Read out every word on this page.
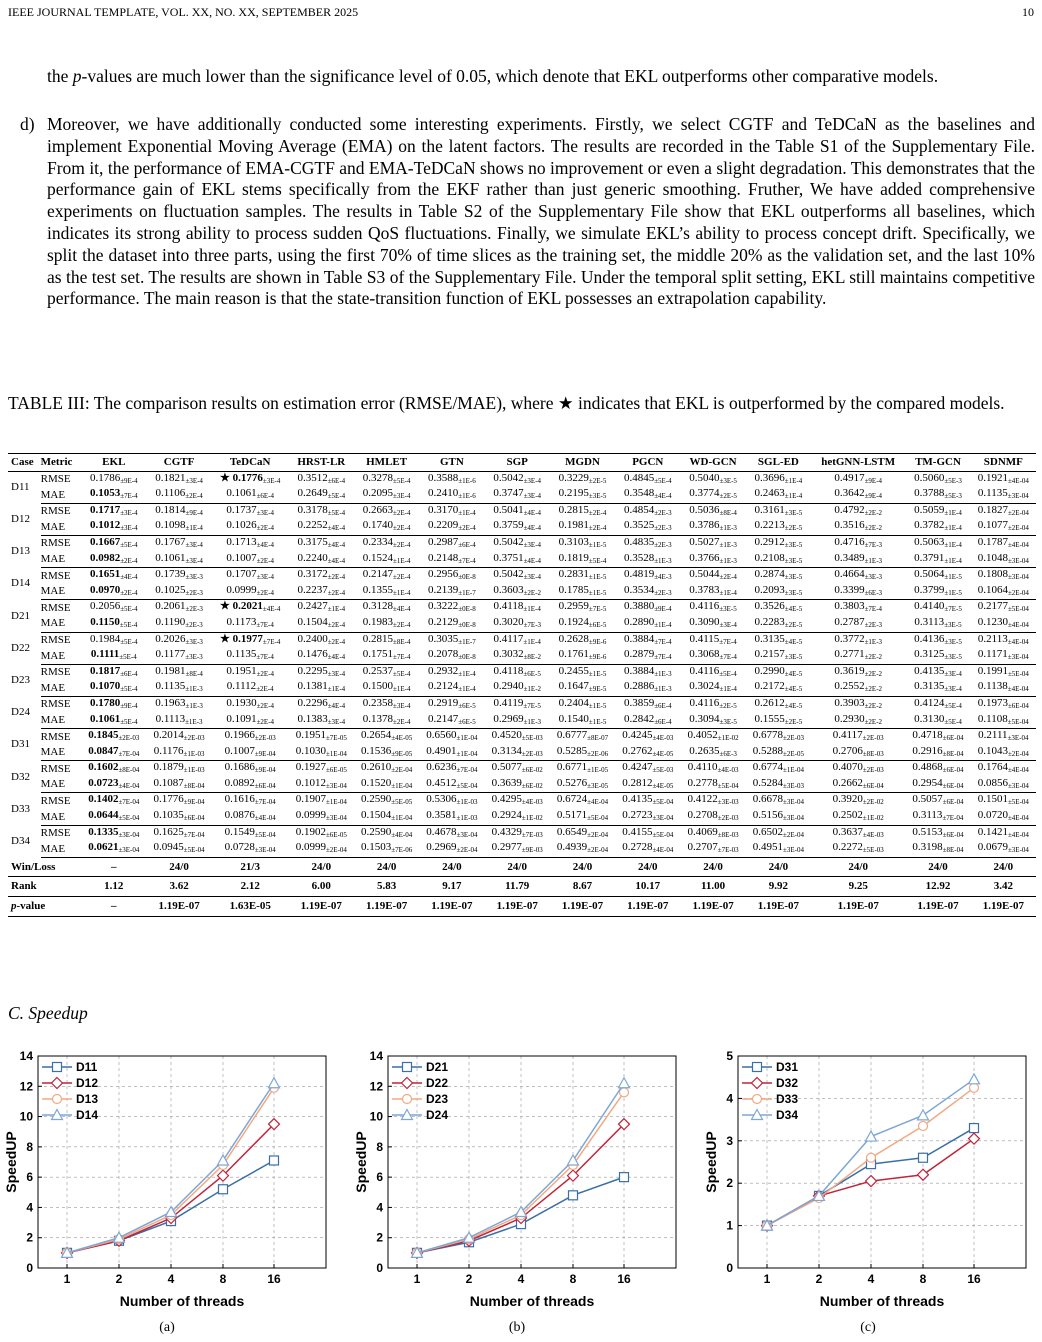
IEEE JOURNAL TEMPLATE, VOL. XX, NO. XX, SEPTEMBER 2025	10
the p-values are much lower than the significance level of 0.05, which denote that EKL outperforms other comparative models.
d) Moreover, we have additionally conducted some interesting experiments. Firstly, we select CGTF and TeDCaN as the baselines and implement Exponential Moving Average (EMA) on the latent factors. The results are recorded in the Table S1 of the Supplementary File. From it, the performance of EMA-CGTF and EMA-TeDCaN shows no improvement or even a slight degradation. This demonstrates that the performance gain of EKL stems specifically from the EKF rather than just generic smoothing. Fruther, We have added comprehensive experiments on fluctuation samples. The results in Table S2 of the Supplementary File show that EKL outperforms all baselines, which indicates its strong ability to process sudden QoS fluctuations. Finally, we simulate EKL’s ability to process concept drift. Specifically, we split the dataset into three parts, using the first 70% of time slices as the training set, the middle 20% as the validation set, and the last 10% as the test set. The results are shown in Table S3 of the Supplementary File. Under the temporal split setting, EKL still maintains competitive performance. The main reason is that the state-transition function of EKL possesses an extrapolation capability.
TABLE III: The comparison results on estimation error (RMSE/MAE), where ★ indicates that EKL is outperformed by the compared models.
Case	Metric	EKL	CGTF	TeDCaN	HRST-LR	HMLET	GTN	SGP	MGDN	PGCN	WD-GCN	SGL-ED	hetGNN-LSTM	TM-GCN	SDNMF
D11	RMSE	$0.1786_{\pm 9E-4}$	$0.1821_{\pm 3E-4}$	★ $0.1776_{\pm 3E-4}$	$0.3512_{\pm 6E-4}$	$0.3278_{\pm 5E-4}$	$0.3588_{\pm 1E-6}$	$0.5042_{\pm 3E-4}$	$0.3229_{\pm 2E-5}$	$0.4845_{\pm 5E-4}$	$0.5040_{\pm 3E-5}$	$0.3696_{\pm 1E-4}$	$0.4917_{\pm 9E-4}$	$0.5060_{\pm 5E-3}$	$0.1921_{\pm 4E-04}$
	MAE	$0.1053_{\pm 7E-4}$	$0.1106_{\pm 2E-4}$	$0.1061_{\pm 6E-4}$	$0.2649_{\pm 5E-4}$	$0.2095_{\pm 3E-4}$	$0.2410_{\pm 1E-6}$	$0.3747_{\pm 3E-4}$	$0.2195_{\pm 3E-5}$	$0.3548_{\pm 4E-4}$	$0.3774_{\pm 2E-5}$	$0.2463_{\pm 1E-4}$	$0.3642_{\pm 9E-4}$	$0.3788_{\pm 5E-3}$	$0.1135_{\pm 3E-04}$
D12	RMSE	$0.1717_{\pm 3E-4}$	$0.1814_{\pm 9E-4}$	$0.1737_{\pm 3E-4}$	$0.3178_{\pm 5E-4}$	$0.2663_{\pm 2E-4}$	$0.3170_{\pm 1E-4}$	$0.5041_{\pm 4E-4}$	$0.2815_{\pm 2E-4}$	$0.4854_{\pm 2E-3}$	$0.5036_{\pm 8E-4}$	$0.3161_{\pm 3E-5}$	$0.4792_{\pm 2E-2}$	$0.5059_{\pm 1E-4}$	$0.1827_{\pm 2E-04}$
	MAE	$0.1012_{\pm 3E-4}$	$0.1098_{\pm 1E-4}$	$0.1026_{\pm 2E-4}$	$0.2252_{\pm 4E-4}$	$0.1740_{\pm 2E-4}$	$0.2209_{\pm 2E-4}$	$0.3759_{\pm 4E-4}$	$0.1981_{\pm 2E-4}$	$0.3525_{\pm 2E-3}$	$0.3786_{\pm 1E-3}$	$0.2213_{\pm 2E-5}$	$0.3516_{\pm 2E-2}$	$0.3782_{\pm 1E-4}$	$0.1077_{\pm 2E-04}$
D13	RMSE	$0.1667_{\pm 5E-4}$	$0.1767_{\pm 3E-4}$	$0.1713_{\pm 4E-4}$	$0.3175_{\pm 4E-4}$	$0.2334_{\pm 2E-4}$	$0.2987_{\pm 6E-4}$	$0.5042_{\pm 3E-4}$	$0.3103_{\pm 1E-5}$	$0.4835_{\pm 2E-3}$	$0.5027_{\pm 1E-3}$	$0.2912_{\pm 3E-5}$	$0.4716_{\pm 7E-3}$	$0.5063_{\pm 1E-4}$	$0.1787_{\pm 4E-04}$
	MAE	$0.0982_{\pm 2E-4}$	$0.1061_{\pm 3E-4}$	$0.1007_{\pm 2E-4}$	$0.2240_{\pm 4E-4}$	$0.1524_{\pm 1E-4}$	$0.2148_{\pm 7E-4}$	$0.3751_{\pm 4E-4}$	$0.1819_{\pm 5E-4}$	$0.3528_{\pm 1E-3}$	$0.3766_{\pm 1E-3}$	$0.2108_{\pm 3E-5}$	$0.3489_{\pm 1E-3}$	$0.3791_{\pm 1E-4}$	$0.1048_{\pm 3E-04}$
D14	RMSE	$0.1651_{\pm 4E-4}$	$0.1739_{\pm 3E-3}$	$0.1707_{\pm 3E-4}$	$0.3172_{\pm 2E-4}$	$0.2147_{\pm 2E-4}$	$0.2956_{\pm 0E-8}$	$0.5042_{\pm 3E-4}$	$0.2831_{\pm 1E-5}$	$0.4819_{\pm 4E-3}$	$0.5044_{\pm 2E-4}$	$0.2874_{\pm 3E-5}$	$0.4664_{\pm 3E-3}$	$0.5064_{\pm 1E-5}$	$0.1808_{\pm 3E-04}$
	MAE	$0.0970_{\pm 2E-4}$	$0.1025_{\pm 2E-3}$	$0.0999_{\pm 2E-4}$	$0.2237_{\pm 2E-4}$	$0.1355_{\pm 1E-4}$	$0.2139_{\pm 1E-7}$	$0.3603_{\pm 2E-2}$	$0.1785_{\pm 1E-5}$	$0.3534_{\pm 2E-3}$	$0.3783_{\pm 1E-4}$	$0.2093_{\pm 3E-5}$	$0.3399_{\pm 6E-3}$	$0.3799_{\pm 1E-5}$	$0.1064_{\pm 2E-04}$
D21	RMSE	$0.2056_{\pm 5E-4}$	$0.2061_{\pm 2E-3}$	★ $0.2021_{\pm 4E-4}$	$0.2427_{\pm 1E-4}$	$0.3128_{\pm 4E-4}$	$0.3222_{\pm 0E-8}$	$0.4118_{\pm 1E-4}$	$0.2959_{\pm 7E-5}$	$0.3880_{\pm 9E-4}$	$0.4116_{\pm 3E-5}$	$0.3526_{\pm 4E-5}$	$0.3803_{\pm 7E-4}$	$0.4140_{\pm 7E-5}$	$0.2177_{\pm 5E-04}$
	MAE	$0.1150_{\pm 5E-4}$	$0.1190_{\pm 2E-3}$	$0.1173_{\pm 7E-4}$	$0.1504_{\pm 2E-4}$	$0.1983_{\pm 2E-4}$	$0.2129_{\pm 0E-8}$	$0.3020_{\pm 7E-3}$	$0.1924_{\pm 6E-5}$	$0.2890_{\pm 1E-4}$	$0.3090_{\pm 3E-4}$	$0.2283_{\pm 2E-5}$	$0.2787_{\pm 2E-3}$	$0.3113_{\pm 3E-5}$	$0.1230_{\pm 4E-04}$
D22	RMSE	$0.1984_{\pm 5E-4}$	$0.2026_{\pm 3E-3}$	★ $0.1977_{\pm 7E-4}$	$0.2400_{\pm 2E-4}$	$0.2815_{\pm 8E-4}$	$0.3035_{\pm 1E-7}$	$0.4117_{\pm 1E-4}$	$0.2628_{\pm 9E-6}$	$0.3884_{\pm 7E-4}$	$0.4115_{\pm 7E-4}$	$0.3135_{\pm 4E-5}$	$0.3772_{\pm 1E-3}$	$0.4136_{\pm 3E-5}$	$0.2113_{\pm 4E-04}$
	MAE	$0.1111_{\pm 5E-4}$	$0.1177_{\pm 3E-3}$	$0.1135_{\pm 7E-4}$	$0.1476_{\pm 4E-4}$	$0.1751_{\pm 7E-4}$	$0.2078_{\pm 0E-8}$	$0.3032_{\pm 8E-2}$	$0.1761_{\pm 9E-6}$	$0.2879_{\pm 7E-4}$	$0.3068_{\pm 7E-4}$	$0.2157_{\pm 3E-5}$	$0.2771_{\pm 2E-2}$	$0.3125_{\pm 3E-5}$	$0.1171_{\pm 3E-04}$
D23	RMSE	$0.1817_{\pm 6E-4}$	$0.1981_{\pm 8E-4}$	$0.1951_{\pm 2E-4}$	$0.2295_{\pm 3E-4}$	$0.2537_{\pm 5E-4}$	$0.2932_{\pm 1E-4}$	$0.4118_{\pm 6E-5}$	$0.2455_{\pm 1E-5}$	$0.3884_{\pm 1E-3}$	$0.4116_{\pm 5E-4}$	$0.2990_{\pm 4E-5}$	$0.3619_{\pm 2E-2}$	$0.4135_{\pm 3E-4}$	$0.1991_{\pm 5E-04}$
	MAE	$0.1070_{\pm 5E-4}$	$0.1135_{\pm 1E-3}$	$0.1112_{\pm 2E-4}$	$0.1381_{\pm 1E-4}$	$0.1500_{\pm 1E-4}$	$0.2124_{\pm 1E-4}$	$0.2940_{\pm 1E-2}$	$0.1647_{\pm 9E-5}$	$0.2886_{\pm 1E-3}$	$0.3024_{\pm 1E-4}$	$0.2172_{\pm 4E-5}$	$0.2552_{\pm 2E-2}$	$0.3135_{\pm 3E-4}$	$0.1138_{\pm 4E-04}$
D24	RMSE	$0.1780_{\pm 9E-4}$	$0.1963_{\pm 1E-3}$	$0.1930_{\pm 2E-4}$	$0.2296_{\pm 4E-4}$	$0.2358_{\pm 3E-4}$	$0.2919_{\pm 6E-5}$	$0.4119_{\pm 7E-5}$	$0.2404_{\pm 1E-5}$	$0.3859_{\pm 6E-4}$	$0.4116_{\pm 2E-5}$	$0.2612_{\pm 4E-5}$	$0.3903_{\pm 2E-2}$	$0.4124_{\pm 5E-4}$	$0.1973_{\pm 6E-04}$
	MAE	$0.1061_{\pm 5E-4}$	$0.1113_{\pm 1E-3}$	$0.1091_{\pm 2E-4}$	$0.1383_{\pm 3E-4}$	$0.1378_{\pm 2E-4}$	$0.2147_{\pm 6E-5}$	$0.2969_{\pm 1E-3}$	$0.1540_{\pm 1E-5}$	$0.2842_{\pm 6E-4}$	$0.3094_{\pm 3E-5}$	$0.1555_{\pm 2E-5}$	$0.2930_{\pm 2E-2}$	$0.3130_{\pm 5E-4}$	$0.1108_{\pm 5E-04}$
D31	RMSE	$0.1845_{\pm 2E-03}$	$0.2014_{\pm 2E-03}$	$0.1966_{\pm 2E-03}$	$0.1951_{\pm 7E-05}$	$0.2654_{\pm 4E-05}$	$0.6560_{\pm 1E-04}$	$0.4520_{\pm 5E-03}$	$0.6777_{\pm 8E-07}$	$0.4245_{\pm 4E-03}$	$0.4052_{\pm 1E-02}$	$0.6778_{\pm 2E-03}$	$0.4117_{\pm 2E-03}$	$0.4718_{\pm 6E-04}$	$0.2111_{\pm 3E-04}$
	MAE	$0.0847_{\pm 7E-04}$	$0.1176_{\pm 1E-03}$	$0.1007_{\pm 9E-04}$	$0.1030_{\pm 1E-04}$	$0.1536_{\pm 9E-05}$	$0.4901_{\pm 1E-04}$	$0.3134_{\pm 2E-03}$	$0.5285_{\pm 2E-06}$	$0.2762_{\pm 4E-05}$	$0.2635_{\pm 6E-3}$	$0.5288_{\pm 2E-05}$	$0.2706_{\pm 8E-03}$	$0.2916_{\pm 8E-04}$	$0.1043_{\pm 2E-04}$
D32	RMSE	$0.1602_{\pm 8E-04}$	$0.1879_{\pm 1E-03}$	$0.1686_{\pm 9E-04}$	$0.1927_{\pm 6E-05}$	$0.2610_{\pm 2E-04}$	$0.6236_{\pm 7E-04}$	$0.5077_{\pm 6E-02}$	$0.6771_{\pm 1E-05}$	$0.4247_{\pm 5E-03}$	$0.4110_{\pm 4E-03}$	$0.6774_{\pm 1E-04}$	$0.4070_{\pm 2E-03}$	$0.4868_{\pm 6E-04}$	$0.1764_{\pm 4E-04}$
	MAE	$0.0723_{\pm 4E-04}$	$0.1087_{\pm 8E-04}$	$0.0892_{\pm 6E-04}$	$0.1012_{\pm 3E-04}$	$0.1520_{\pm 1E-04}$	$0.4512_{\pm 5E-04}$	$0.3639_{\pm 6E-02}$	$0.5276_{\pm 3E-05}$	$0.2812_{\pm 4E-05}$	$0.2778_{\pm 5E-04}$	$0.5284_{\pm 3E-03}$	$0.2662_{\pm 6E-04}$	$0.2954_{\pm 6E-04}$	$0.0856_{\pm 3E-04}$
D33	RMSE	$0.1402_{\pm 7E-04}$	$0.1776_{\pm 9E-04}$	$0.1616_{\pm 7E-04}$	$0.1907_{\pm 1E-04}$	$0.2590_{\pm 5E-05}$	$0.5306_{\pm 1E-03}$	$0.4295_{\pm 4E-03}$	$0.6724_{\pm 4E-04}$	$0.4135_{\pm 5E-04}$	$0.4122_{\pm 3E-03}$	$0.6678_{\pm 3E-04}$	$0.3920_{\pm 2E-02}$	$0.5057_{\pm 6E-04}$	$0.1501_{\pm 5E-04}$
	MAE	$0.0644_{\pm 5E-04}$	$0.1035_{\pm 6E-04}$	$0.0876_{\pm 4E-04}$	$0.0999_{\pm 3E-04}$	$0.1504_{\pm 1E-04}$	$0.3581_{\pm 1E-03}$	$0.2924_{\pm 1E-02}$	$0.5171_{\pm 5E-04}$	$0.2723_{\pm 3E-04}$	$0.2708_{\pm 2E-03}$	$0.5156_{\pm 3E-04}$	$0.2502_{\pm 1E-02}$	$0.3113_{\pm 7E-04}$	$0.0720_{\pm 4E-04}$
D34	RMSE	$0.1335_{\pm 3E-04}$	$0.1625_{\pm 7E-04}$	$0.1549_{\pm 5E-04}$	$0.1902_{\pm 6E-05}$	$0.2590_{\pm 4E-04}$	$0.4678_{\pm 3E-04}$	$0.4329_{\pm 7E-03}$	$0.6549_{\pm 2E-04}$	$0.4155_{\pm 5E-04}$	$0.4069_{\pm 8E-03}$	$0.6502_{\pm 2E-04}$	$0.3637_{\pm 4E-03}$	$0.5153_{\pm 6E-04}$	$0.1421_{\pm 4E-04}$
	MAE	$0.0621_{\pm 3E-04}$	$0.0945_{\pm 5E-04}$	$0.0728_{\pm 3E-04}$	$0.0999_{\pm 2E-04}$	$0.1503_{\pm 7E-06}$	$0.2969_{\pm 2E-04}$	$0.2977_{\pm 9E-03}$	$0.4939_{\pm 2E-04}$	$0.2728_{\pm 4E-04}$	$0.2707_{\pm 7E-03}$	$0.4951_{\pm 3E-04}$	$0.2272_{\pm 5E-03}$	$0.3198_{\pm 8E-04}$	$0.0679_{\pm 3E-04}$
Win/Loss		–	24/0	21/3	24/0	24/0	24/0	24/0	24/0	24/0	24/0	24/0	24/0	24/0	24/0
Rank		1.12	3.62	2.12	6.00	5.83	9.17	11.79	8.67	10.17	11.00	9.92	9.25	12.92	3.42
p-value		–	1.19E-07	1.63E-05	1.19E-07	1.19E-07	1.19E-07	1.19E-07	1.19E-07	1.19E-07	1.19E-07	1.19E-07	1.19E-07	1.19E-07	1.19E-07
C. Speedup
0
2
4
6
8
10
12
14
1	2	4	8	16
Number of threads
SpeedUP
D11
D12
D13
D14
0
2
4
6
8
10
12
14
1	2	4	8	16
Number of threads
SpeedUP
D21
D22
D23
D24
0
1
2
3
4
5
1	2	4	8	16
Number of threads
SpeedUP
D31
D32
D33
D34
(a)	(b)	(c)
